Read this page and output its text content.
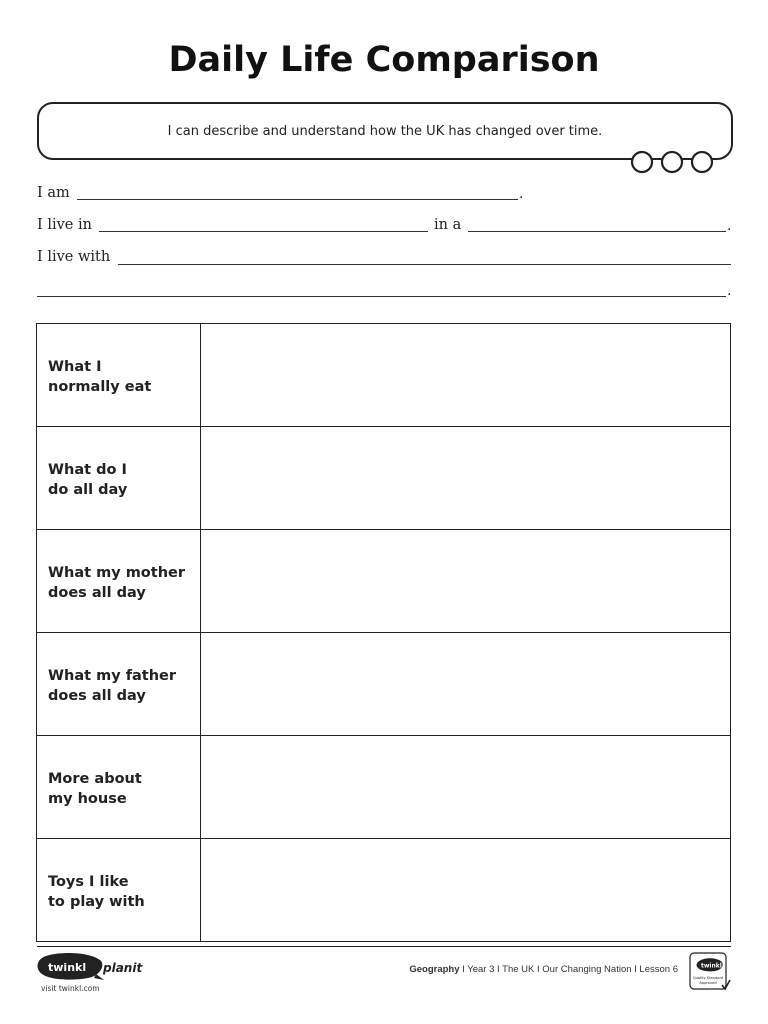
Daily Life Comparison
I can describe and understand how the UK has changed over time.
I am	.
I live in	in a	.
I live with
.
What I
normally eat
What do I
do all day
What my mother
does all day
What my father
does all day
More about
my house
Toys I like
to play with
twinkl planit
visit twinkl.com
Geography I Year 3 I The UK I Our Changing Nation I Lesson 6	twinkl
Quality Standard
Approved
